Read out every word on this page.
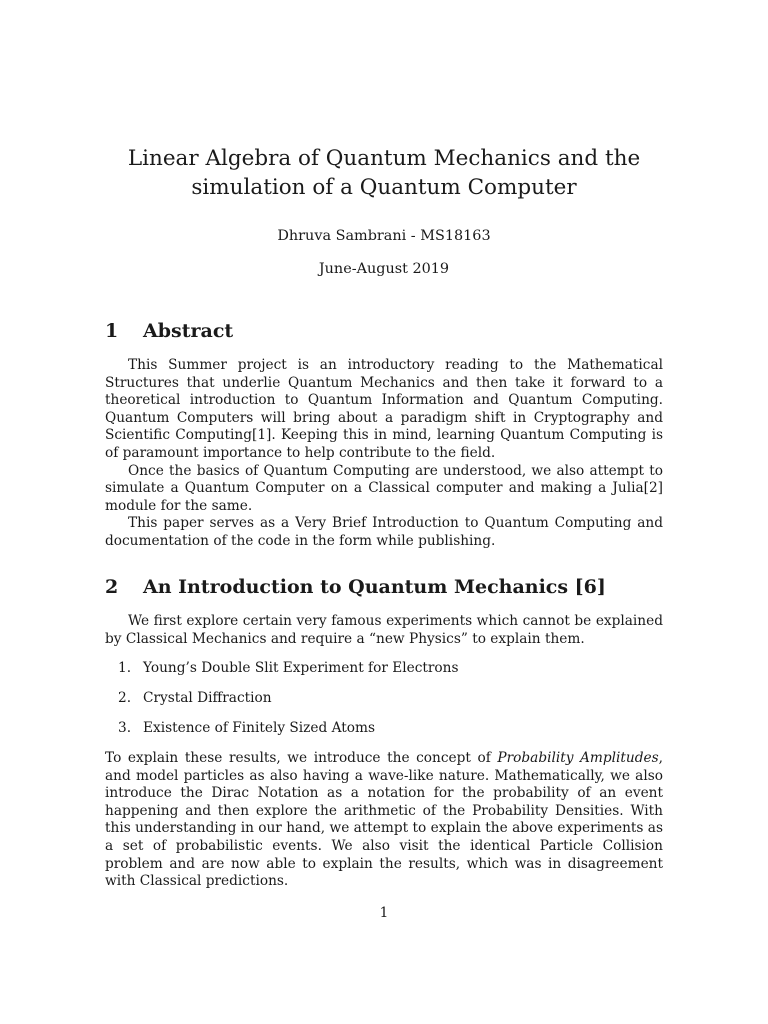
Linear Algebra of Quantum Mechanics and the
simulation of a Quantum Computer
Dhruva Sambrani - MS18163
June-August 2019
1 Abstract

This Summer project is an introductory reading to the Mathematical Structures that underlie Quantum Mechanics and then take it forward to a theoretical introduction to Quantum Information and Quantum Computing. Quantum Computers will bring about a paradigm shift in Cryptography and Scientific Computing[1]. Keeping this in mind, learning Quantum Computing is of paramount importance to help contribute to the field.

Once the basics of Quantum Computing are understood, we also attempt to simulate a Quantum Computer on a Classical computer and making a Julia[2] module for the same.

This paper serves as a Very Brief Introduction to Quantum Computing and documentation of the code in the form while publishing.

2 An Introduction to Quantum Mechanics [6]

We first explore certain very famous experiments which cannot be explained by Classical Mechanics and require a “new Physics” to explain them.

1. Young’s Double Slit Experiment for Electrons
2. Crystal Diffraction
3. Existence of Finitely Sized Atoms

To explain these results, we introduce the concept of Probability Amplitudes, and model particles as also having a wave-like nature. Mathematically, we also introduce the Dirac Notation as a notation for the probability of an event happening and then explore the arithmetic of the Probability Densities. With this understanding in our hand, we attempt to explain the above experiments as a set of probabilistic events. We also visit the identical Particle Collision problem and are now able to explain the results, which was in disagreement with Classical predictions.

1
